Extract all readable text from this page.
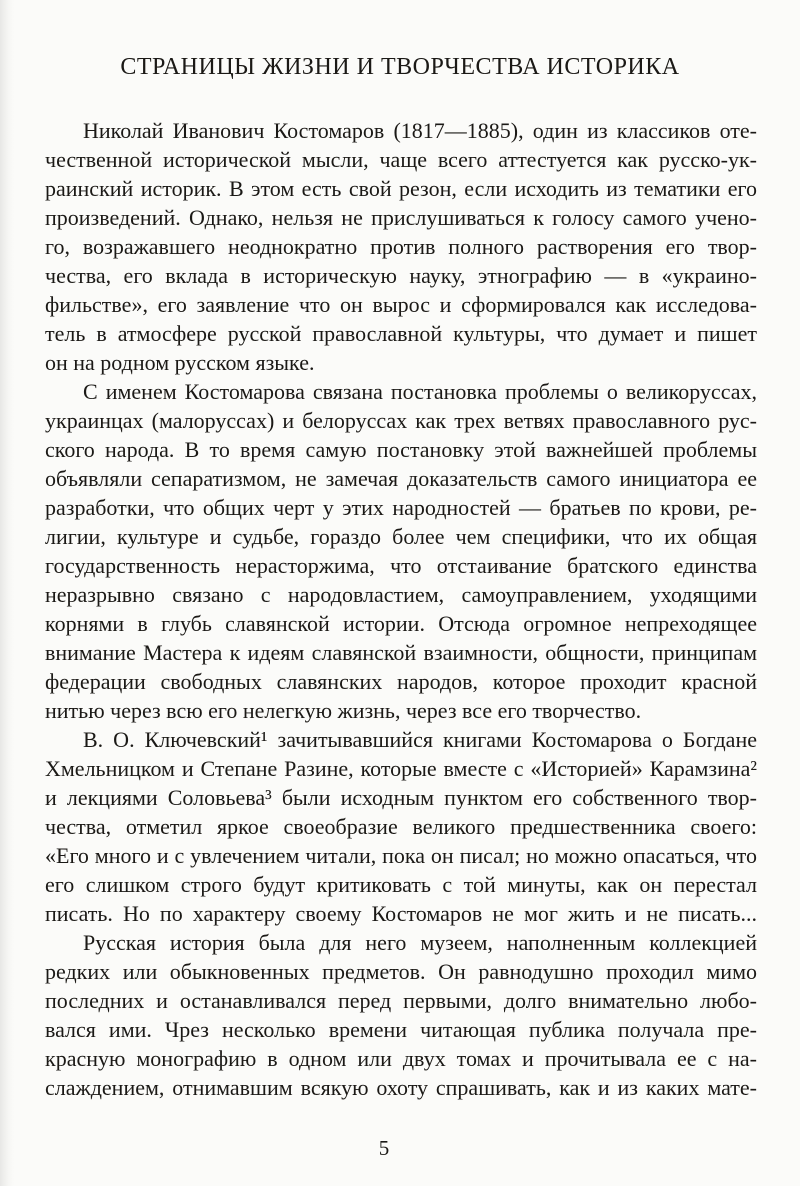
СТРАНИЦЫ ЖИЗНИ И ТВОРЧЕСТВА ИСТОРИКА
Николай Иванович Костомаров (1817—1885), один из классиков оте-
чественной исторической мысли, чаще всего аттестуется как русско-ук-
раинский историк. В этом есть свой резон, если исходить из тематики его
произведений. Однако, нельзя не прислушиваться к голосу самого учено-
го, возражавшего неоднократно против полного растворения его твор-
чества, его вклада в историческую науку, этнографию — в «украино-
фильстве», его заявление что он вырос и сформировался как исследова-
тель в атмосфере русской православной культуры, что думает и пишет
он на родном русском языке.
С именем Костомарова связана постановка проблемы о великоруссах,
украинцах (малоруссах) и белоруссах как трех ветвях православного рус-
ского народа. В то время самую постановку этой важнейшей проблемы
объявляли сепаратизмом, не замечая доказательств самого инициатора ее
разработки, что общих черт у этих народностей — братьев по крови, ре-
лигии, культуре и судьбе, гораздо более чем специфики, что их общая
государственность нерасторжима, что отстаивание братского единства
неразрывно связано с народовластием, самоуправлением, уходящими
корнями в глубь славянской истории. Отсюда огромное непреходящее
внимание Мастера к идеям славянской взаимности, общности, принципам
федерации свободных славянских народов, которое проходит красной
нитью через всю его нелегкую жизнь, через все его творчество.
В. О. Ключевский¹ зачитывавшийся книгами Костомарова о Богдане
Хмельницком и Степане Разине, которые вместе с «Историей» Карамзина²
и лекциями Соловьева³ были исходным пунктом его собственного твор-
чества, отметил яркое своеобразие великого предшественника своего:
«Его много и с увлечением читали, пока он писал; но можно опасаться, что
его слишком строго будут критиковать с той минуты, как он перестал
писать. Но по характеру своему Костомаров не мог жить и не писать...
Русская история была для него музеем, наполненным коллекцией
редких или обыкновенных предметов. Он равнодушно проходил мимо
последних и останавливался перед первыми, долго внимательно любо-
вался ими. Чрез несколько времени читающая публика получала пре-
красную монографию в одном или двух томах и прочитывала ее с на-
слаждением, отнимавшим всякую охоту спрашивать, как и из каких мате-
5
